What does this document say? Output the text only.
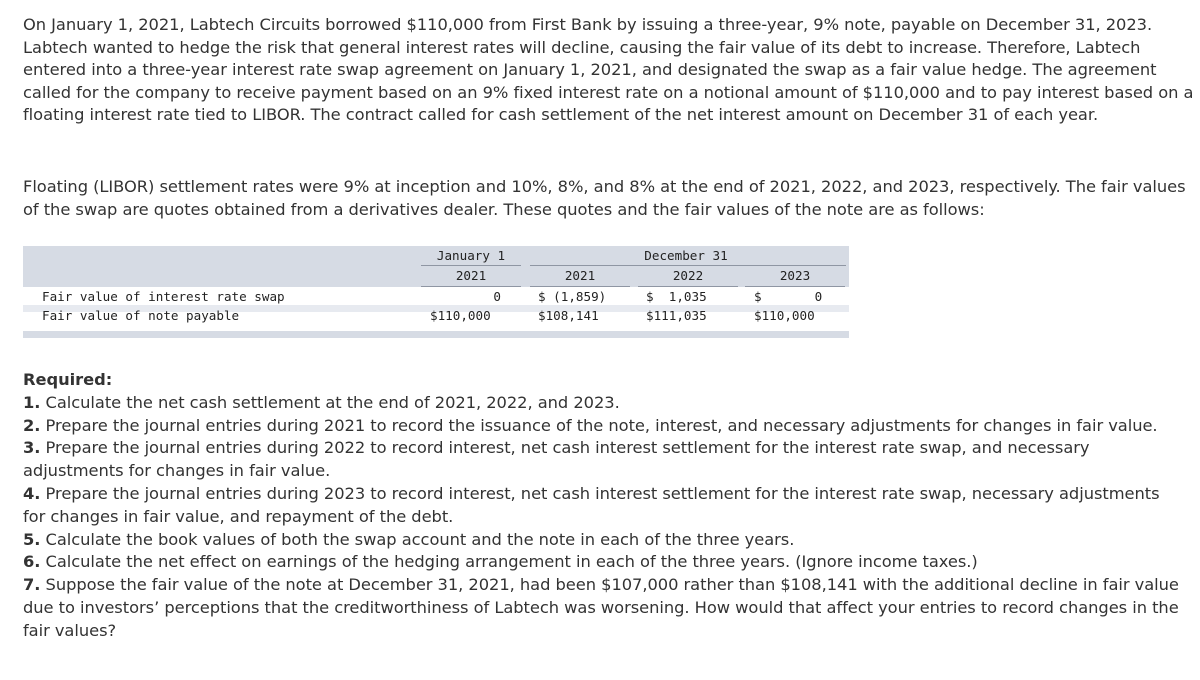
On January 1, 2021, Labtech Circuits borrowed $110,000 from First Bank by issuing a three-year, 9% note, payable on December 31, 2023. Labtech wanted to hedge the risk that general interest rates will decline, causing the fair value of its debt to increase. Therefore, Labtech entered into a three-year interest rate swap agreement on January 1, 2021, and designated the swap as a fair value hedge. The agreement called for the company to receive payment based on an 9% fixed interest rate on a notional amount of $110,000 and to pay interest based on a floating interest rate tied to LIBOR. The contract called for cash settlement of the net interest amount on December 31 of each year.

Floating (LIBOR) settlement rates were 9% at inception and 10%, 8%, and 8% at the end of 2021, 2022, and 2023, respectively. The fair values of the swap are quotes obtained from a derivatives dealer. These quotes and the fair values of the note are as follows:

January 1	December 31
2021	2021	2022	2023
Fair value of interest rate swap	0	$ (1,859)	$  1,035	$       0
Fair value of note payable	$110,000	$108,141	$111,035	$110,000
Required:

1. Calculate the net cash settlement at the end of 2021, 2022, and 2023.

2. Prepare the journal entries during 2021 to record the issuance of the note, interest, and necessary adjustments for changes in fair value.

3. Prepare the journal entries during 2022 to record interest, net cash interest settlement for the interest rate swap, and necessary adjustments for changes in fair value.

4. Prepare the journal entries during 2023 to record interest, net cash interest settlement for the interest rate swap, necessary adjustments for changes in fair value, and repayment of the debt.

5. Calculate the book values of both the swap account and the note in each of the three years.

6. Calculate the net effect on earnings of the hedging arrangement in each of the three years. (Ignore income taxes.)

7. Suppose the fair value of the note at December 31, 2021, had been $107,000 rather than $108,141 with the additional decline in fair value due to investors’ perceptions that the creditworthiness of Labtech was worsening. How would that affect your entries to record changes in the fair values?
